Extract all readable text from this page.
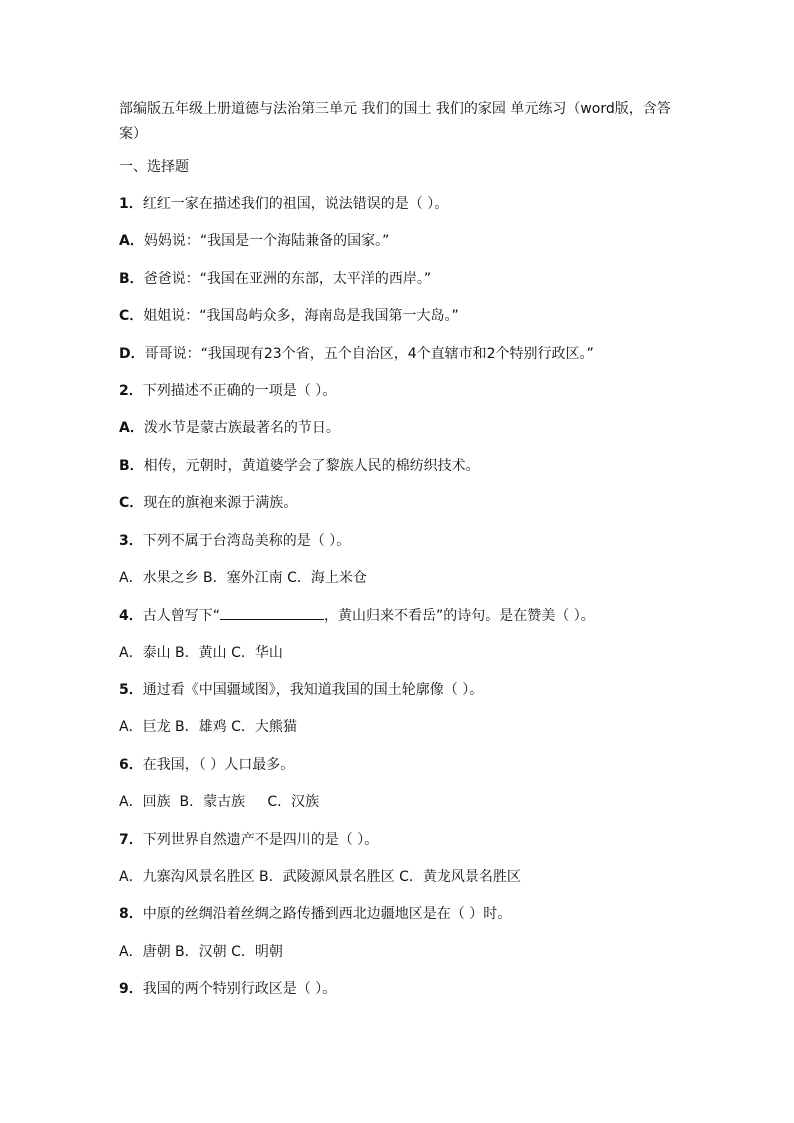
部编版五年级上册道德与法治第三单元 我们的国土 我们的家园 单元练习（word版，含答案）
一、选择题
1．红红一家在描述我们的祖国，说法错误的是（ ）。
A．妈妈说：“我国是一个海陆兼备的国家。”
B．爸爸说：“我国在亚洲的东部，太平洋的西岸。”
C．姐姐说：“我国岛屿众多，海南岛是我国第一大岛。”
D．哥哥说：“我国现有23个省，五个自治区，4个直辖市和2个特别行政区。”
2．下列描述不正确的一项是（ ）。
A．泼水节是蒙古族最著名的节日。
B．相传，元朝时，黄道婆学会了黎族人民的棉纺织技术。
C．现在的旗袍来源于满族。
3．下列不属于台湾岛美称的是（ ）。
A．水果之乡 B．塞外江南 C．海上米仓
4．古人曾写下“	，黄山归来不看岳”的诗句。是在赞美（ ）。
A．泰山 B．黄山 C．华山
5．通过看《中国疆域图》，我知道我国的国土轮廓像（ ）。
A．巨龙 B．雄鸡 C．大熊猫
6．在我国，（ ）人口最多。
A．回族  B．蒙古族     C．汉族
7．下列世界自然遗产不是四川的是（ ）。
A．九寨沟风景名胜区 B．武陵源风景名胜区 C．黄龙风景名胜区
8．中原的丝绸沿着丝绸之路传播到西北边疆地区是在（ ）时。
A．唐朝 B．汉朝 C．明朝
9．我国的两个特别行政区是（ ）。
